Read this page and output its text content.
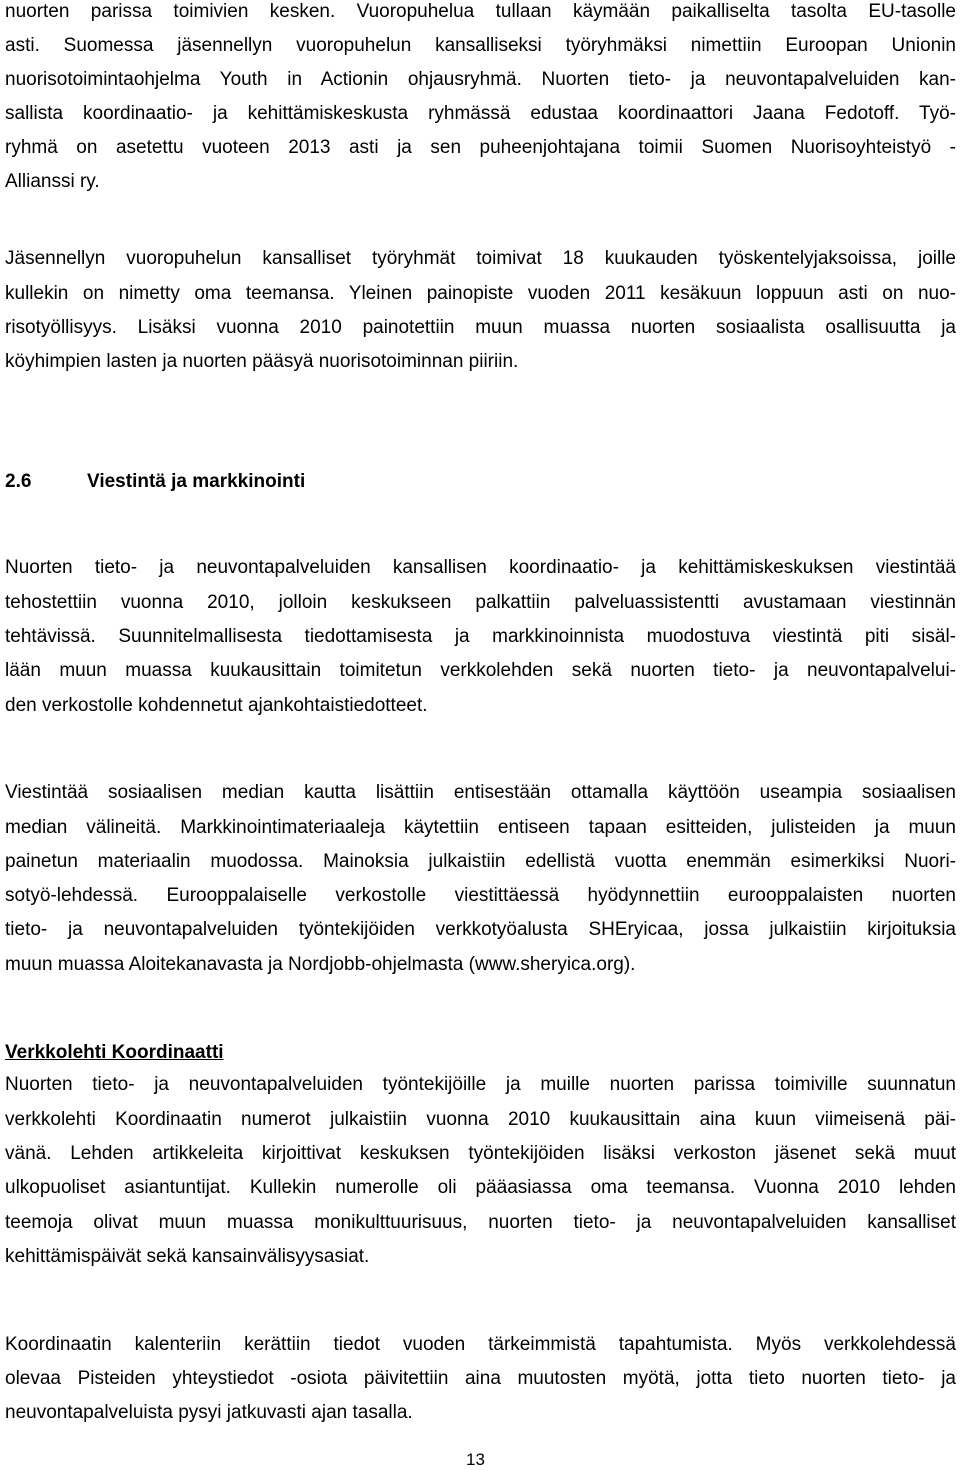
nuorten parissa toimivien kesken. Vuoropuhelua tullaan käymään paikalliselta tasolta EU-tasolle
asti. Suomessa jäsennellyn vuoropuhelun kansalliseksi työryhmäksi nimettiin Euroopan Unionin
nuorisotoimintaohjelma Youth in Actionin ohjausryhmä. Nuorten tieto- ja neuvontapalveluiden kan-
sallista koordinaatio- ja kehittämiskeskusta ryhmässä edustaa koordinaattori Jaana Fedotoff. Työ-
ryhmä on asetettu vuoteen 2013 asti ja sen puheenjohtajana toimii Suomen Nuorisoyhteistyö -
Allianssi ry.
Jäsennellyn vuoropuhelun kansalliset työryhmät toimivat 18 kuukauden työskentelyjaksoissa, joille
kullekin on nimetty oma teemansa. Yleinen painopiste vuoden 2011 kesäkuun loppuun asti on nuo-
risotyöllisyys. Lisäksi vuonna 2010 painotettiin muun muassa nuorten sosiaalista osallisuutta ja
köyhimpien lasten ja nuorten pääsyä nuorisotoiminnan piiriin.
2.6	Viestintä ja markkinointi
Nuorten tieto- ja neuvontapalveluiden kansallisen koordinaatio- ja kehittämiskeskuksen viestintää
tehostettiin vuonna 2010, jolloin keskukseen palkattiin palveluassistentti avustamaan viestinnän
tehtävissä. Suunnitelmallisesta tiedottamisesta ja markkinoinnista muodostuva viestintä piti sisäl-
lään muun muassa kuukausittain toimitetun verkkolehden sekä nuorten tieto- ja neuvontapalvelui-
den verkostolle kohdennetut ajankohtaistiedotteet.
Viestintää sosiaalisen median kautta lisättiin entisestään ottamalla käyttöön useampia sosiaalisen
median välineitä. Markkinointimateriaaleja käytettiin entiseen tapaan esitteiden, julisteiden ja muun
painetun materiaalin muodossa. Mainoksia julkaistiin edellistä vuotta enemmän esimerkiksi Nuori-
sotyö-lehdessä. Eurooppalaiselle verkostolle viestittäessä hyödynnettiin eurooppalaisten nuorten
tieto- ja neuvontapalveluiden työntekijöiden verkkotyöalusta SHEryicaa, jossa julkaistiin kirjoituksia
muun muassa Aloitekanavasta ja Nordjobb-ohjelmasta (www.sheryica.org).
Verkkolehti Koordinaatti
Nuorten tieto- ja neuvontapalveluiden työntekijöille ja muille nuorten parissa toimiville suunnatun
verkkolehti Koordinaatin numerot julkaistiin vuonna 2010 kuukausittain aina kuun viimeisenä päi-
vänä. Lehden artikkeleita kirjoittivat keskuksen työntekijöiden lisäksi verkoston jäsenet sekä muut
ulkopuoliset asiantuntijat. Kullekin numerolle oli pääasiassa oma teemansa. Vuonna 2010 lehden
teemoja olivat muun muassa monikulttuurisuus, nuorten tieto- ja neuvontapalveluiden kansalliset
kehittämispäivät sekä kansainvälisyysasiat.
Koordinaatin kalenteriin kerättiin tiedot vuoden tärkeimmistä tapahtumista. Myös verkkolehdessä
olevaa Pisteiden yhteystiedot -osiota päivitettiin aina muutosten myötä, jotta tieto nuorten tieto- ja
neuvontapalveluista pysyi jatkuvasti ajan tasalla.
13
